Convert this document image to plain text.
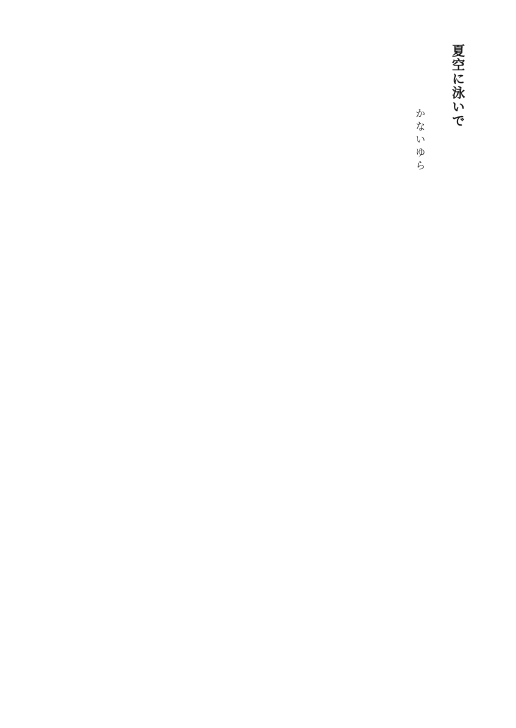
夏空に泳いで
かないゆら
